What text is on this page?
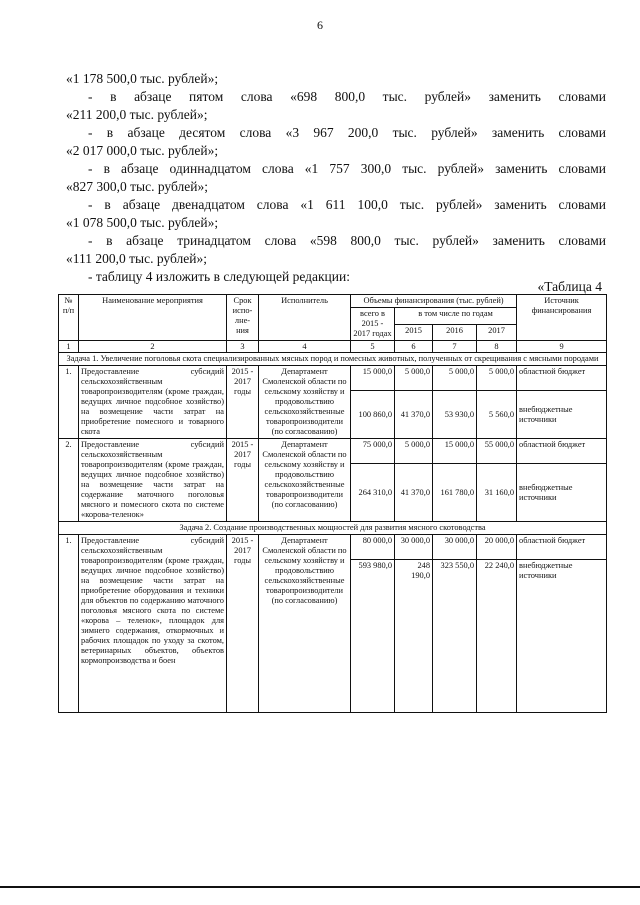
6
«1 178 500,0 тыс. рублей»;
- в абзаце пятом слова «698 800,0 тыс. рублей» заменить словами
«211 200,0 тыс. рублей»;
- в абзаце десятом слова «3 967 200,0 тыс. рублей» заменить словами
«2 017 000,0 тыс. рублей»;
- в абзаце одиннадцатом слова «1 757 300,0 тыс. рублей» заменить словами
«827 300,0 тыс. рублей»;
- в абзаце двенадцатом слова «1 611 100,0 тыс. рублей» заменить словами
«1 078 500,0 тыс. рублей»;
- в абзаце тринадцатом слова «598 800,0 тыс. рублей» заменить словами
«111 200,0 тыс. рублей»;
- таблицу 4 изложить в следующей редакции:
«Таблица 4
№ п/п	Наименование мероприятия	Срок испо-лне-ния	Исполнитель	Объемы финансирования (тыс. рублей)				Источник финансирования
				всего в 2015 - 2017 годах	в том числе по годам			
					2015	2016	2017	
1	2	3	4	5	6	7	8	9
Задача 1. Увеличение поголовья скота специализированных мясных пород и помесных животных, полученных от скрещивания с мясными породами								
1.	Предоставление субсидий сельскохозяйственным товаропроизводителям (кроме граждан, ведущих личное подсобное хозяйство) на возмещение части затрат на приобретение помесного и товарного скота	2015 - 2017 годы	Департамент Смоленской области по сельскому хозяйству и продовольствию сельскохозяйственные товаропроизводители (по согласованию)	15 000,0	5 000,0	5 000,0	5 000,0	областной бюджет
				100 860,0	41 370,0	53 930,0	5 560,0	внебюджетные источники
2.	Предоставление субсидий сельскохозяйственным товаропроизводителям (кроме граждан, ведущих личное подсобное хозяйство) на возмещение части затрат на содержание маточного поголовья мясного и помесного скота по системе «корова-теленок»	2015 - 2017 годы	Департамент Смоленской области по сельскому хозяйству и продовольствию сельскохозяйственные товаропроизводители (по согласованию)	75 000,0	5 000,0	15 000,0	55 000,0	областной бюджет
				264 310,0	41 370,0	161 780,0	31 160,0	внебюджетные источники
Задача 2. Создание производственных мощностей для развития мясного скотоводства								
1.	Предоставление субсидий сельскохозяйственным товаропроизводителям (кроме граждан, ведущих личное подсобное хозяйство) на возмещение части затрат на приобретение оборудования и техники для объектов по содержанию маточного поголовья мясного скота по системе «корова – теленок», площадок для зимнего содержания, откормочных и рабочих площадок по уходу за скотом, ветеринарных объектов, объектов кормопроизводства и боен	2015 - 2017 годы	Департамент Смоленской области по сельскому хозяйству и продовольствию сельскохозяйственные товаропроизводители (по согласованию)	80 000,0	30 000,0	30 000,0	20 000,0	областной бюджет
				593 980,0	248 190,0	323 550,0	22 240,0	внебюджетные источники
